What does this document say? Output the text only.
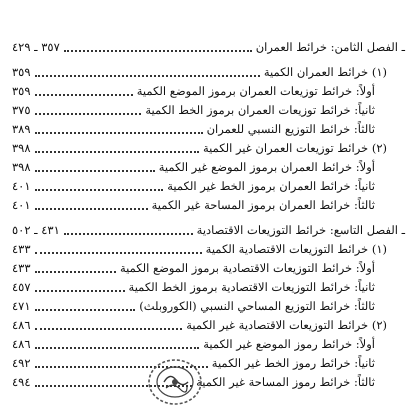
ـ الفصل الثامن: خرائط العمران
٣٥٧ ـ ٤٢٩
(١) خرائط العمران الكمية
٣٥٩
أولاً: خرائط توزيعات العمران برموز الموضع الكمية
٣٥٩
ثانياً: خرائط توزيعات العمران برموز الخط الكمية
٣٧٥
ثالثاً: خرائط التوزيع النسبي للعمران
٣٨٩
(٢) خرائط توزيعات العمران غير الكمية
٣٩٨
أولاً: خرائط العمران برموز الموضع غير الكمية
٣٩٨
ثانياً: خرائط العمران برموز الخط غير الكمية
٤٠١
ثالثاً: خرائط العمران برموز المساحة غير الكمية
٤٠١
ـ الفصل التاسع: خرائط التوزيعات الاقتصادية
٤٣١ ـ ٥٠٢
(١) خرائط التوزيعات الاقتصادية الكمية
٤٣٣
أولاً: خرائط التوزيعات الاقتصادية برموز الموضع الكمية
٤٣٣
ثانياً: خرائط التوزيعات الاقتصادية برموز الخط الكمية
٤٥٧
ثالثاً: خرائط التوزيع المساحي النسبي (الكوروبلث)
٤٧١
(٢) خرائط التوزيعات الاقتصادية غير الكمية
٤٨٦
أولاً: خرائط رموز الموضع غير الكمية
٤٨٦
ثانياً: خرائط رموز الخط غير الكمية
٤٩٢
ثالثاً: خرائط رموز المساحة غير الكمية
٤٩٤
